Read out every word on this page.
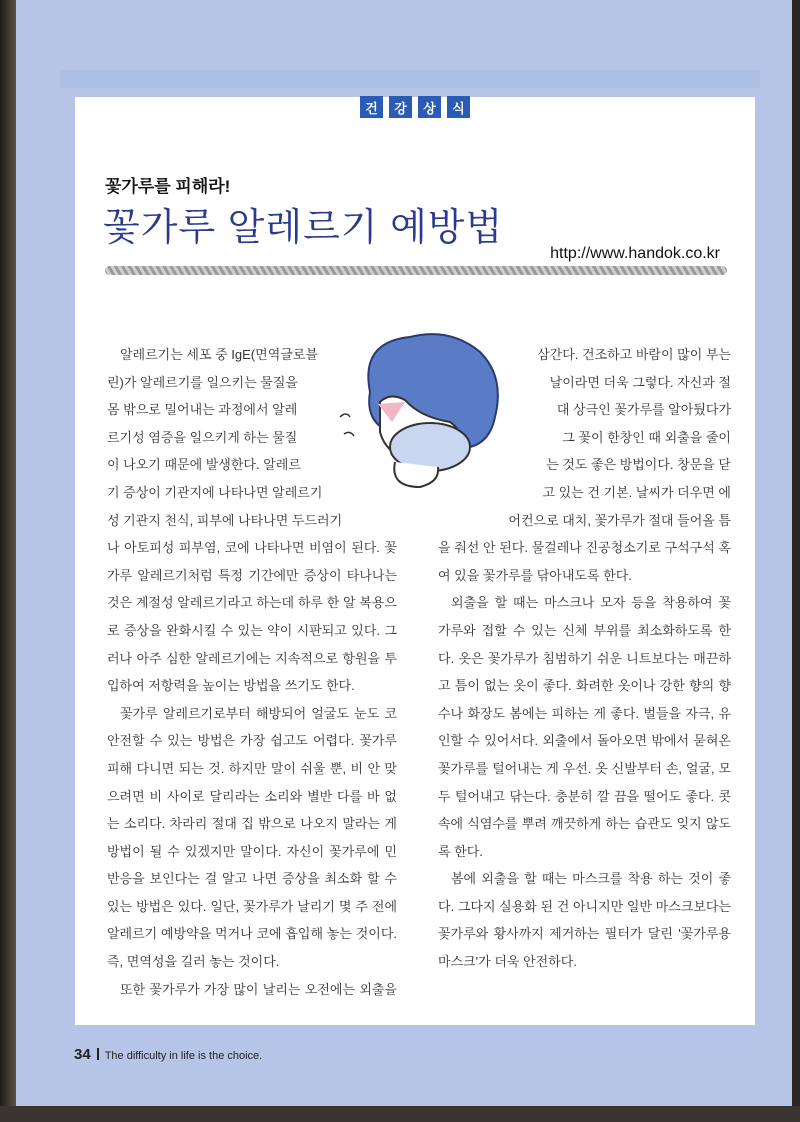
건	강	상	식
꽃가루를 피해라!
꽃가루 알레르기 예방법
http://www.handok.co.kr
알레르기는 세포 중 IgE(면역글로블
린)가 알레르기를 일으키는 물질을
몸 밖으로 밀어내는 과정에서 알레
르기성 염증을 일으키게 하는 물질
이 나오기 때문에 발생한다. 알레르
기 증상이 기관지에 나타나면 알레르기
성 기관지 천식, 피부에 나타나면 두드러기
나 아토피성 피부염, 코에 나타나면 비염이 된다. 꽃
가루 알레르기처럼 특정 기간에만 증상이 타나나는
것은 계절성 알레르기라고 하는데 하루 한 알 복용으
로 증상을 완화시킬 수 있는 약이 시판되고 있다. 그
러나 아주 심한 알레르기에는 지속적으로 항원을 투
입하여 저항력을 높이는 방법을 쓰기도 한다.
꽃가루 알레르기로부터 해방되어 얼굴도 눈도 코
안전할 수 있는 방법은 가장 쉽고도 어렵다. 꽃가루
피해 다니면 되는 것. 하지만 말이 쉬울 뿐, 비 안 맞
으려면 비 사이로 달리라는 소리와 별반 다를 바 없
는 소리다. 차라리 절대 집 밖으로 나오지 말라는 게
방법이 될 수 있겠지만 말이다. 자신이 꽃가루에 민
반응을 보인다는 걸 알고 나면 증상을 최소화 할 수
있는 방법은 있다. 일단, 꽃가루가 날리기 몇 주 전에
알레르기 예방약을 먹거나 코에 흡입해 놓는 것이다.
즉, 면역성을 길러 놓는 것이다.
또한 꽃가루가 가장 많이 날리는 오전에는 외출을
삼간다. 건조하고 바람이 많이 부는
날이라면 더욱 그렇다. 자신과 절
대 상극인 꽃가루를 알아뒀다가
그 꽃이 한창인 때 외출을 줄이
는 것도 좋은 방법이다. 창문을 닫
고 있는 건 기본. 날씨가 더우면 에
어컨으로 대치, 꽃가루가 절대 들어올 틈
을 줘선 안 된다. 물걸레나 진공청소기로 구석구석 혹
여 있을 꽃가루를 닦아내도록 한다.
외출을 할 때는 마스크나 모자 등을 착용하여 꽃
가루와 접할 수 있는 신체 부위를 최소화하도록 한
다. 옷은 꽃가루가 침범하기 쉬운 니트보다는 매끈하
고 틈이 없는 옷이 좋다. 화려한 옷이나 강한 향의 향
수나 화장도 봄에는 피하는 게 좋다. 벌들을 자극, 유
인할 수 있어서다. 외출에서 돌아오면 밖에서 묻혀온
꽃가루를 털어내는 게 우선. 옷 신발부터 손, 얼굴, 모
두 털어내고 닦는다. 충분히 깔 끔을 떨어도 좋다. 콧
속에 식염수를 뿌려 깨끗하게 하는 습관도 잊지 않도
록 한다.
봄에 외출을 할 때는 마스크를 착용 하는 것이 좋
다. 그다지 실용화 된 건 아니지만 일반 마스크보다는
꽃가루와 황사까지 제거하는 필터가 달린 '꽃가루용
마스크'가 더욱 안전하다.
34 The difficulty in life is the choice.
